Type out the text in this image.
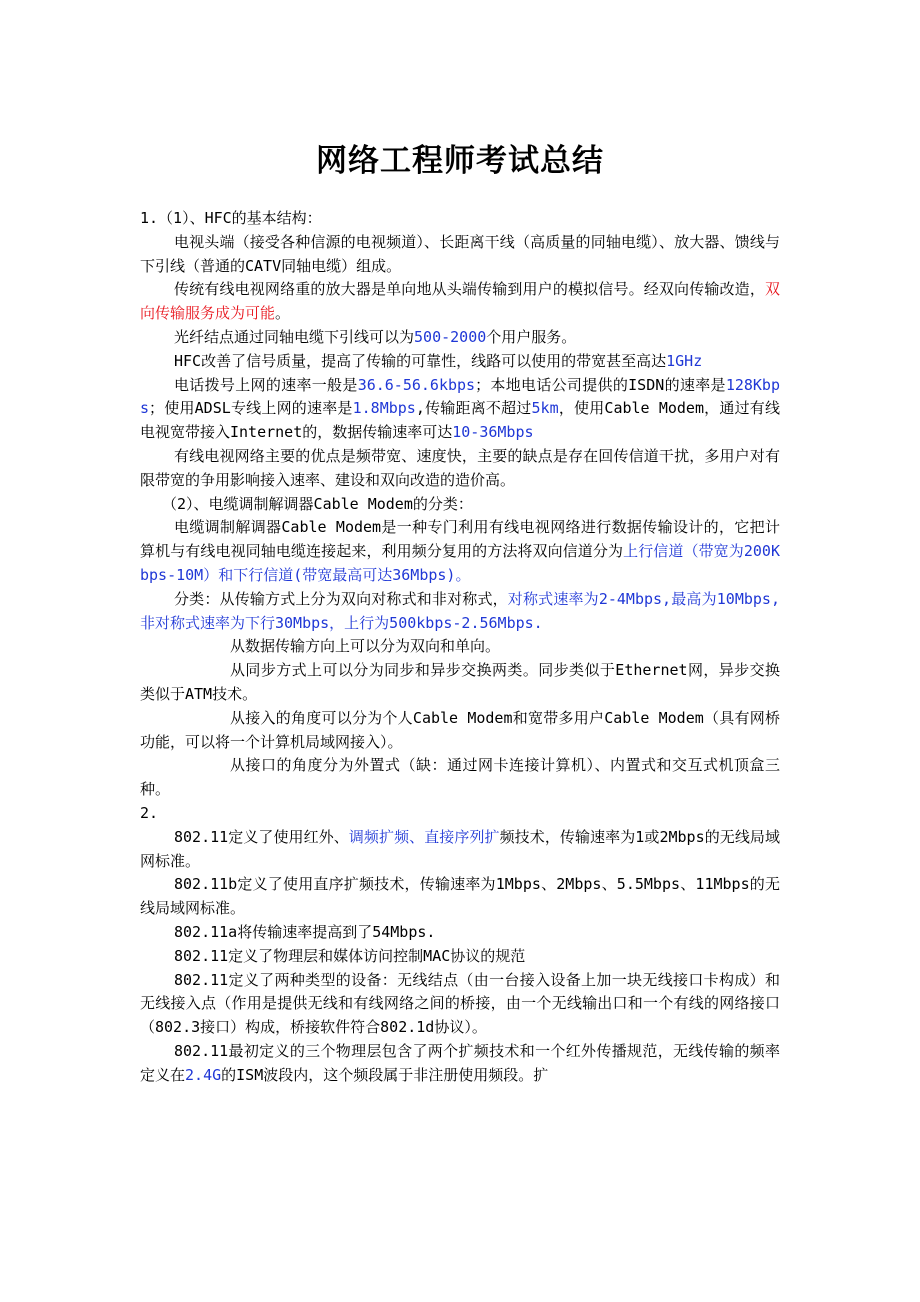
网络工程师考试总结

1.（1）、HFC的基本结构：

电视头端（接受各种信源的电视频道）、长距离干线（高质量的同轴电缆）、放大器、馈线与下引线（普通的CATV同轴电缆）组成。

传统有线电视网络重的放大器是单向地从头端传输到用户的模拟信号。经双向传输改造，双向传输服务成为可能。

光纤结点通过同轴电缆下引线可以为500-2000个用户服务。

HFC改善了信号质量，提高了传输的可靠性，线路可以使用的带宽甚至高达1GHz

电话拨号上网的速率一般是36.6-56.6kbps；本地电话公司提供的ISDN的速率是128Kbps；使用ADSL专线上网的速率是1.8Mbps,传输距离不超过5km，使用Cable Modem，通过有线电视宽带接入Internet的，数据传输速率可达10-36Mbps

有线电视网络主要的优点是频带宽、速度快，主要的缺点是存在回传信道干扰，多用户对有限带宽的争用影响接入速率、建设和双向改造的造价高。

（2）、电缆调制解调器Cable Modem的分类：

电缆调制解调器Cable Modem是一种专门利用有线电视网络进行数据传输设计的，它把计算机与有线电视同轴电缆连接起来，利用频分复用的方法将双向信道分为上行信道（带宽为200Kbps-10M）和下行信道(带宽最高可达36Mbps)。

分类：从传输方式上分为双向对称式和非对称式，对称式速率为2-4Mbps,最高为10Mbps,非对称式速率为下行30Mbps，上行为500kbps-2.56Mbps.

从数据传输方向上可以分为双向和单向。

从同步方式上可以分为同步和异步交换两类。同步类似于Ethernet网，异步交换类似于ATM技术。

从接入的角度可以分为个人Cable Modem和宽带多用户Cable Modem（具有网桥功能，可以将一个计算机局域网接入）。

从接口的角度分为外置式（缺：通过网卡连接计算机）、内置式和交互式机顶盒三种。

2.

802.11定义了使用红外、调频扩频、直接序列扩频技术，传输速率为1或2Mbps的无线局域网标准。

802.11b定义了使用直序扩频技术，传输速率为1Mbps、2Mbps、5.5Mbps、11Mbps的无线局域网标准。

802.11a将传输速率提高到了54Mbps.

802.11定义了物理层和媒体访问控制MAC协议的规范

802.11定义了两种类型的设备：无线结点（由一台接入设备上加一块无线接口卡构成）和无线接入点（作用是提供无线和有线网络之间的桥接，由一个无线输出口和一个有线的网络接口（802.3接口）构成，桥接软件符合802.1d协议）。

802.11最初定义的三个物理层包含了两个扩频技术和一个红外传播规范，无线传输的频率定义在2.4G的ISM波段内，这个频段属于非注册使用频段。扩
